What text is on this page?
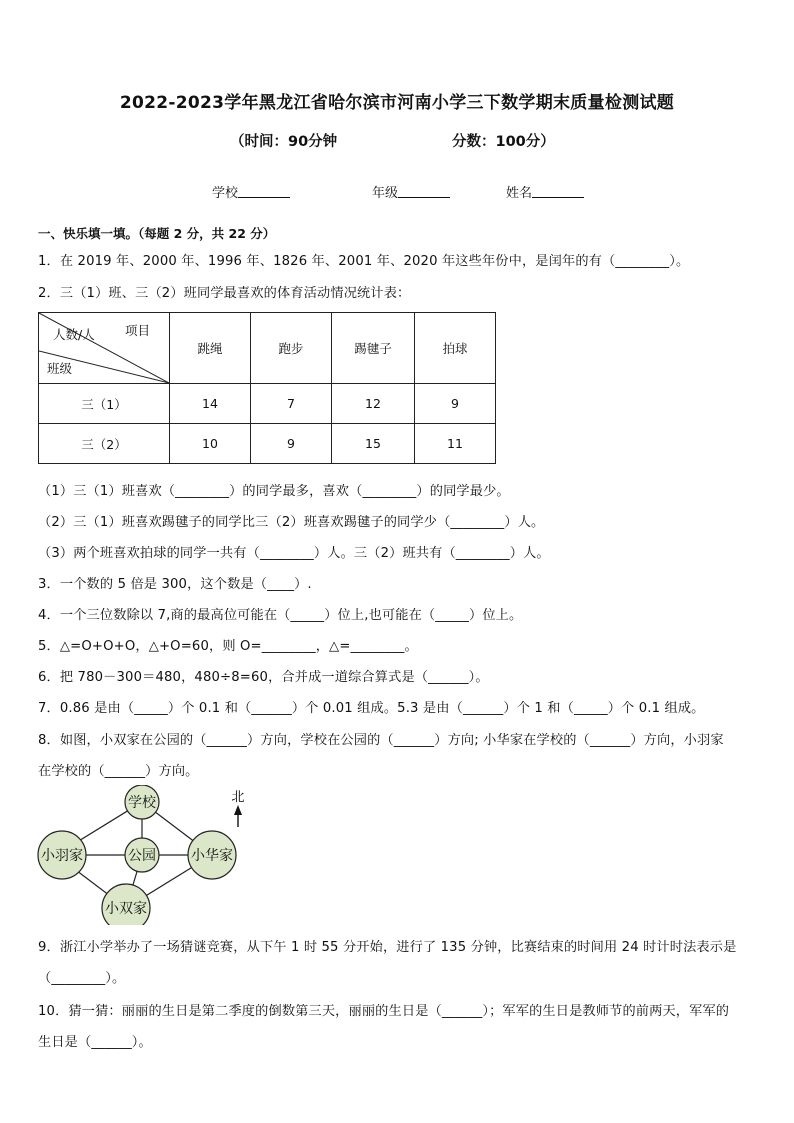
2022-2023学年黑龙江省哈尔滨市河南小学三下数学期末质量检测试题
（时间：90分钟	分数：100分）
学校	年级	姓名
一、快乐填一填。（每题 2 分，共 22 分）
1．在 2019 年、2000 年、1996 年、1826 年、2001 年、2020 年这些年份中，是闰年的有（________）。
2．三（1）班、三（2）班同学最喜欢的体育活动情况统计表：
人数/人 项目
班级	跳绳	跑步	踢毽子	拍球
三（1）	14	7	12	9
三（2）	10	9	15	11
（1）三（1）班喜欢（________）的同学最多，喜欢（________）的同学最少。
（2）三（1）班喜欢踢毽子的同学比三（2）班喜欢踢毽子的同学少（________）人。
（3）两个班喜欢拍球的同学一共有（________）人。三（2）班共有（________）人。
3．一个数的 5 倍是 300，这个数是（____）.
4．一个三位数除以 7,商的最高位可能在（_____）位上,也可能在（_____）位上。
5．△=O+O+O，△+O=60，则 O=________，△=________。
6．把 780－300＝480，480÷8=60，合并成一道综合算式是（______）。
7．0.86 是由（_____）个 0.1 和（______）个 0.01 组成。5.3 是由（______）个 1 和（_____）个 0.1 组成。
8．如图，小双家在公园的（______）方向，学校在公园的（______）方向; 小华家在学校的（______）方向，小羽家
在学校的（______）方向。
学校
公园
小羽家	小华家
小双家
北
9．浙江小学举办了一场猜谜竞赛，从下午 1 时 55 分开始，进行了 135 分钟，比赛结束的时间用 24 时计时法表示是
（________）。
10．猜一猜：丽丽的生日是第二季度的倒数第三天，丽丽的生日是（______）；军军的生日是教师节的前两天，军军的
生日是（______）。
